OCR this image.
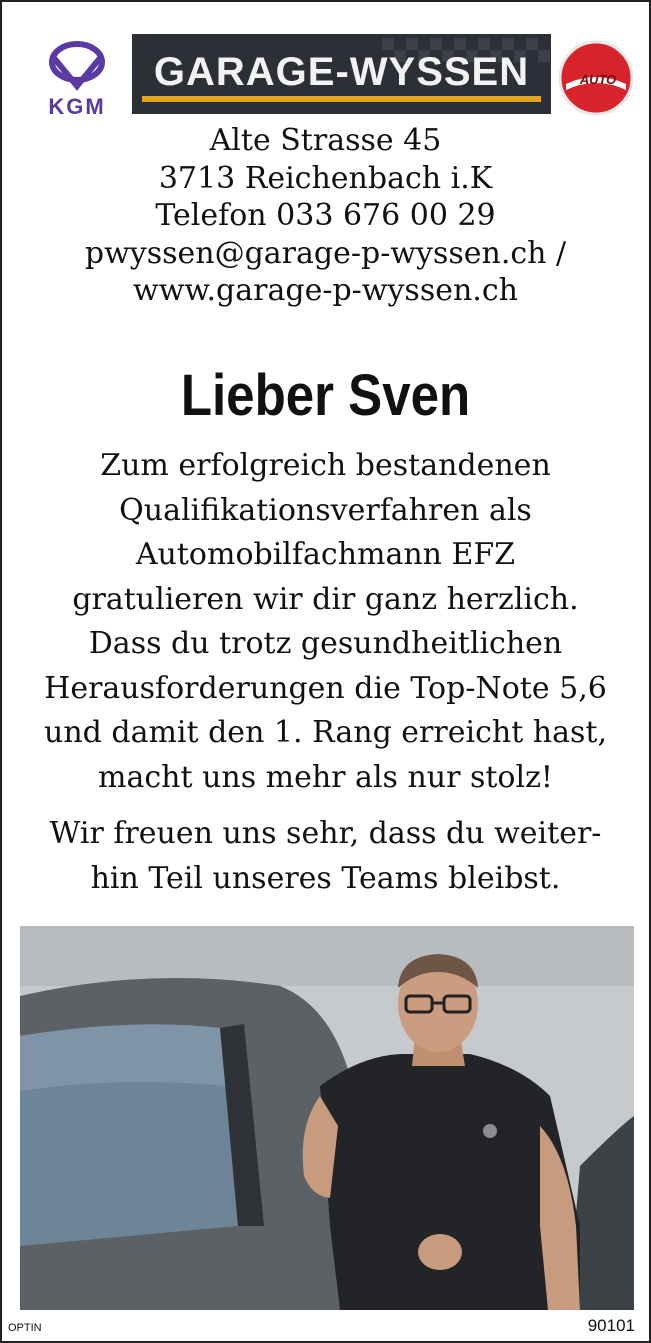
KGM
GARAGE-WYSSEN	AUTO
Alte Strasse 45
3713 Reichenbach i.K
Telefon 033 676 00 29
pwyssen@garage-p-wyssen.ch /
www.garage-p-wyssen.ch
Lieber Sven
Zum erfolgreich bestandenen
Qualifikationsverfahren als
Automobilfachmann EFZ
gratulieren wir dir ganz herzlich.
Dass du trotz gesundheitlichen
Herausforderungen die Top-Note 5,6
und damit den 1. Rang erreicht hast,
macht uns mehr als nur stolz!
Wir freuen uns sehr, dass du weiter-
hin Teil unseres Teams bleibst.
OPTIN	90101
